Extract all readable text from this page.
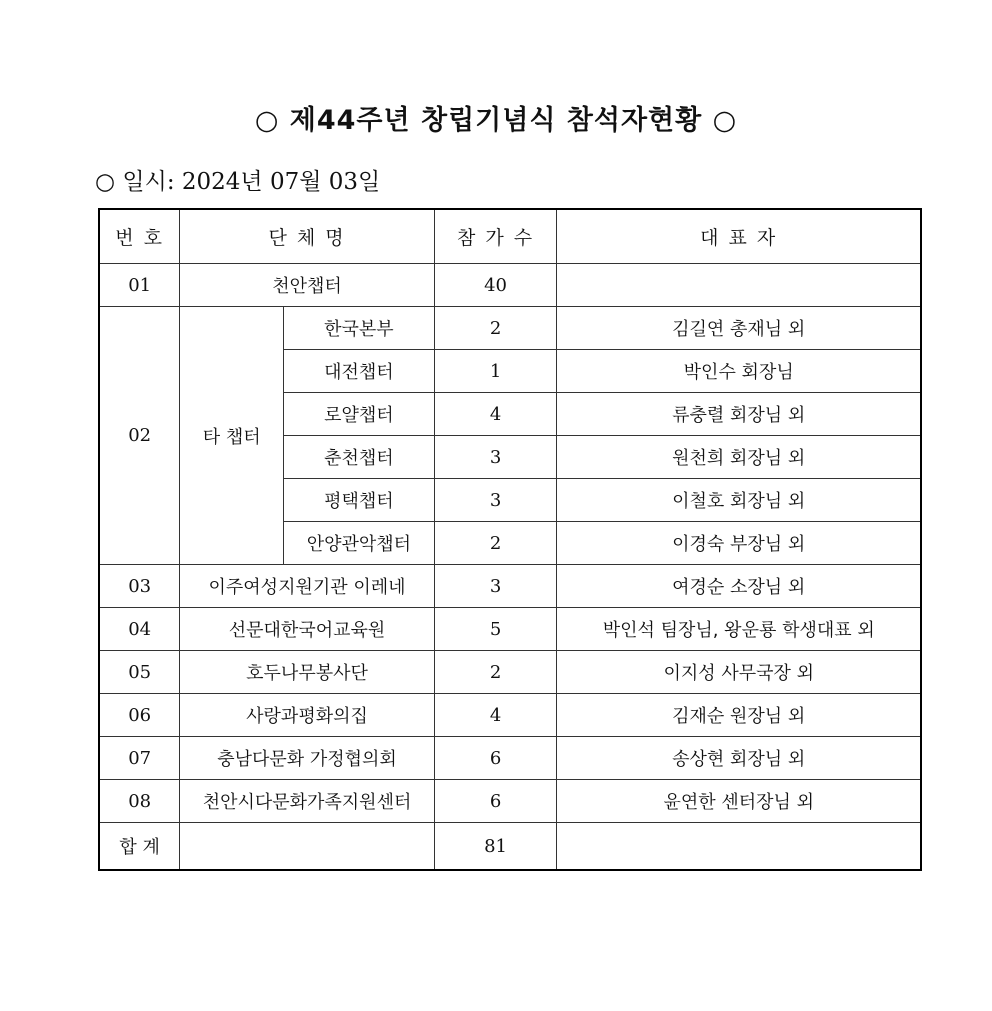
○ 제44주년 창립기념식 참석자현황 ○
○ 일시: 2024년 07월 03일
번 호	단 체 명		참 가 수	대 표 자
01	천안챕터		40	
02	타 챕터	한국본부	2	김길연 총재님 외
		대전챕터	1	박인수 회장님
		로얄챕터	4	류충렬 회장님 외
		춘천챕터	3	원천희 회장님 외
		평택챕터	3	이철호 회장님 외
		안양관악챕터	2	이경숙 부장님 외
03	이주여성지원기관 이레네		3	여경순 소장님 외
04	선문대한국어교육원		5	박인석 팀장님, 왕운룡 학생대표 외
05	호두나무봉사단		2	이지성 사무국장 외
06	사랑과평화의집		4	김재순 원장님 외
07	충남다문화 가정협의회		6	송상현 회장님 외
08	천안시다문화가족지원센터		6	윤연한 센터장님 외
합 계			81	
